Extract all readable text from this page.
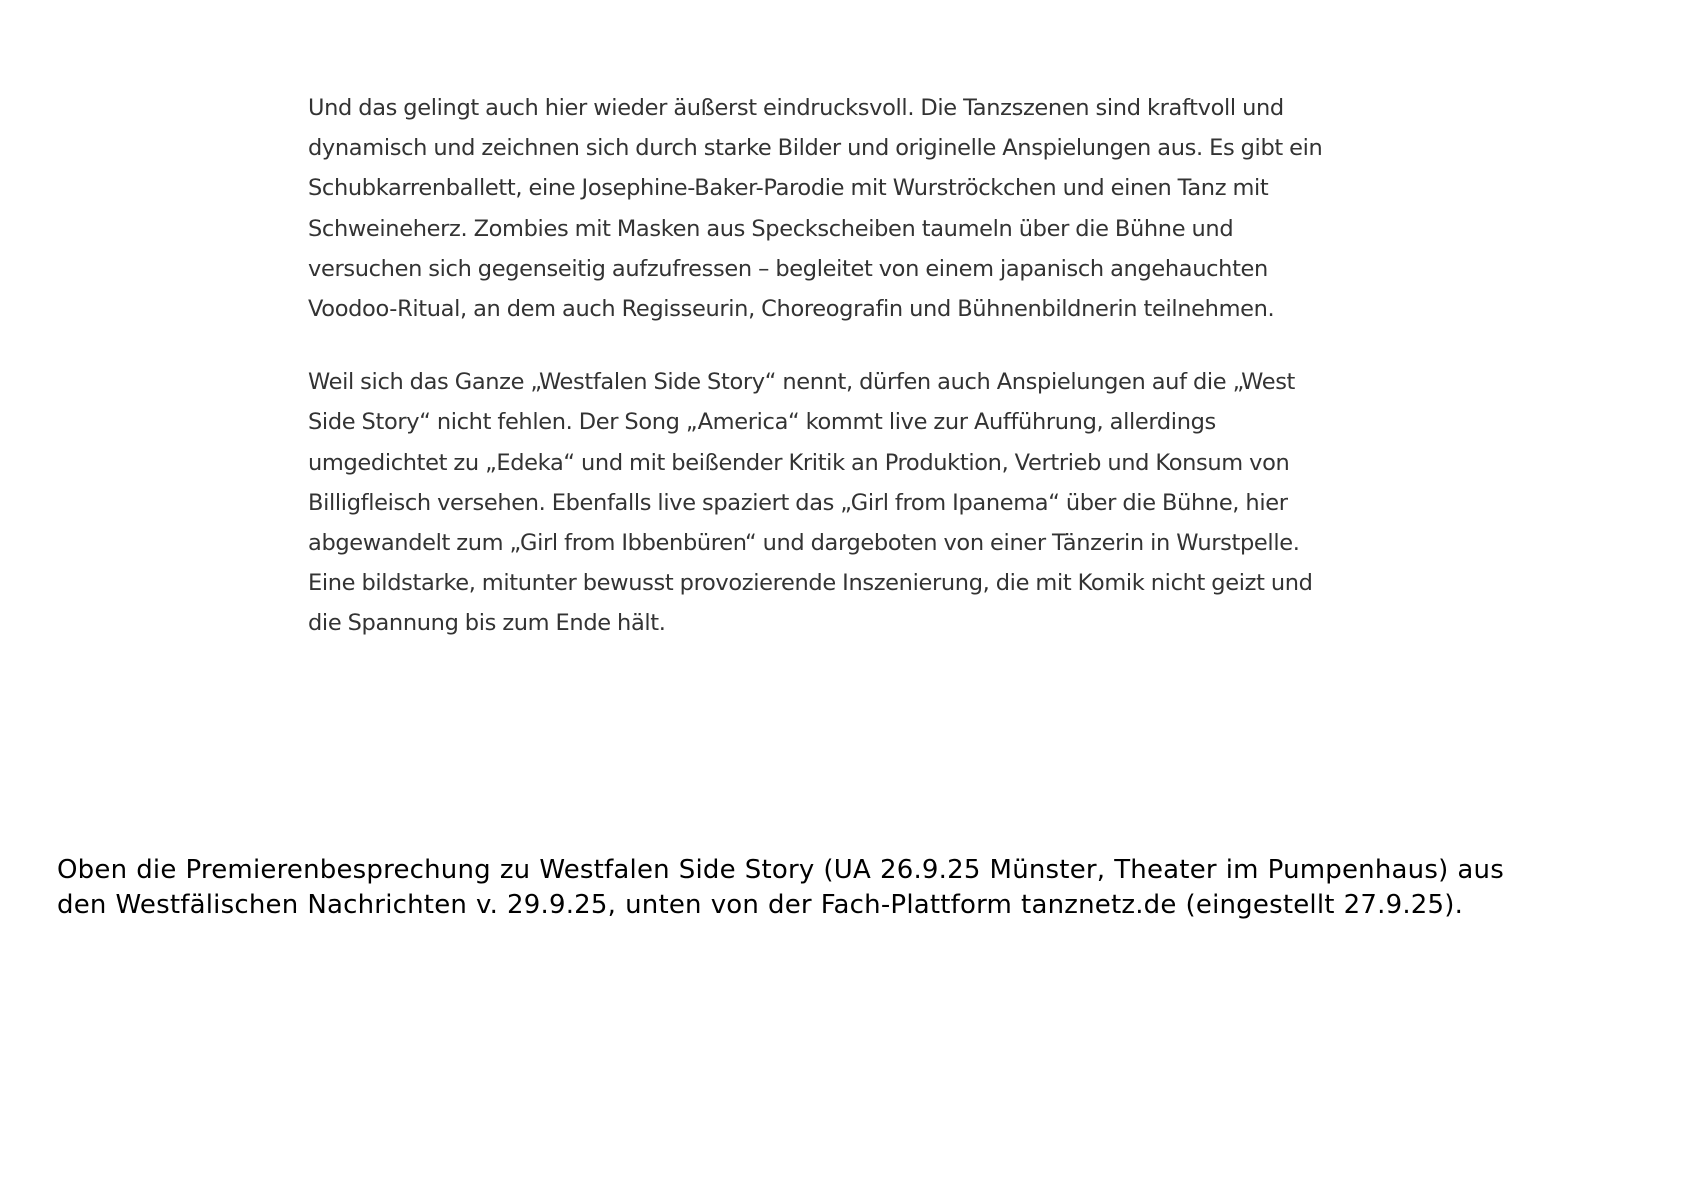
Und das gelingt auch hier wieder äußerst eindrucksvoll. Die Tanzszenen sind kraftvoll und
dynamisch und zeichnen sich durch starke Bilder und originelle Anspielungen aus. Es gibt ein
Schubkarrenballett, eine Josephine-Baker-Parodie mit Wurströckchen und einen Tanz mit
Schweineherz. Zombies mit Masken aus Speckscheiben taumeln über die Bühne und
versuchen sich gegenseitig aufzufressen – begleitet von einem japanisch angehauchten
Voodoo-Ritual, an dem auch Regisseurin, Choreografin und Bühnenbildnerin teilnehmen.

Weil sich das Ganze „Westfalen Side Story“ nennt, dürfen auch Anspielungen auf die „West
Side Story“ nicht fehlen. Der Song „America“ kommt live zur Aufführung, allerdings
umgedichtet zu „Edeka“ und mit beißender Kritik an Produktion, Vertrieb und Konsum von
Billigfleisch versehen. Ebenfalls live spaziert das „Girl from Ipanema“ über die Bühne, hier
abgewandelt zum „Girl from Ibbenbüren“ und dargeboten von einer Tänzerin in Wurstpelle.
Eine bildstarke, mitunter bewusst provozierende Inszenierung, die mit Komik nicht geizt und
die Spannung bis zum Ende hält.

Oben die Premierenbesprechung zu Westfalen Side Story (UA 26.9.25 Münster, Theater im Pumpenhaus) aus
den Westfälischen Nachrichten v. 29.9.25, unten von der Fach-Plattform tanznetz.de (eingestellt 27.9.25).
